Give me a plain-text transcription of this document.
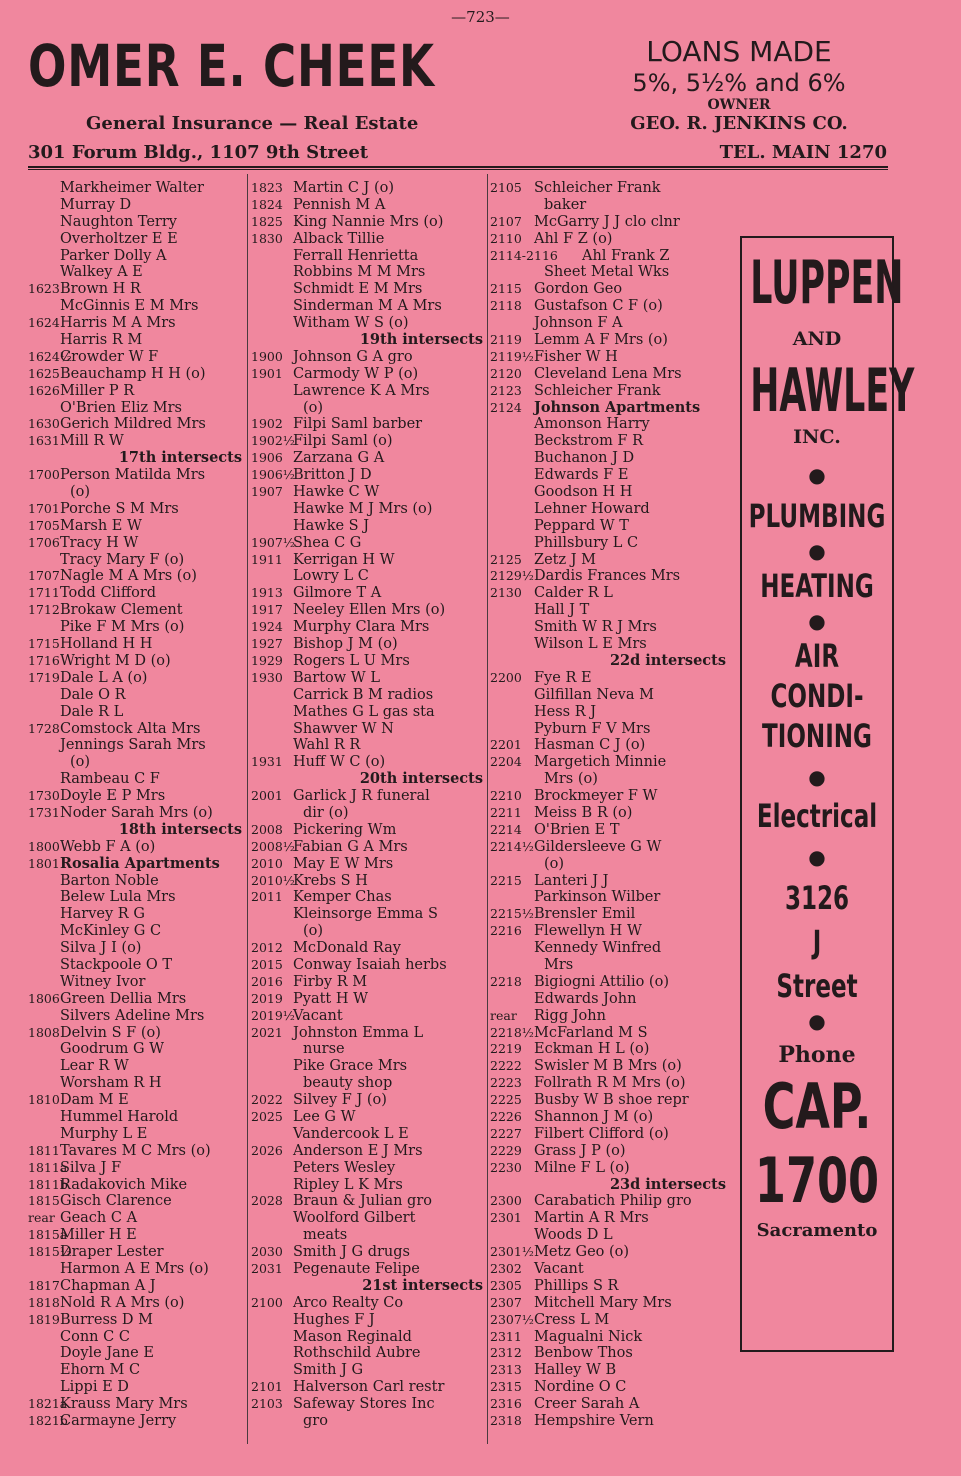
—723—
OMER E. CHEEK
General Insurance — Real Estate
301 Forum Bldg., 1107 9th Street
LOANS MADE
5%, 5½% and 6%
OWNER
GEO. R. JENKINS CO.
TEL. MAIN 1270
Markheimer Walter
Murray D
Naughton Terry
Overholtzer E E
Parker Dolly A
Walkey A E
1623 Brown H R
McGinnis E M Mrs
1624 Harris M A Mrs
Harris R M
1624½
Crowder W F
1625 Beauchamp H H (o)
1626 Miller P R
O'Brien Eliz Mrs
1630 Gerich Mildred Mrs
1631 Mill R W
17th intersects
1700 Person Matilda Mrs
(o)
1701 Porche S M Mrs
1705 Marsh E W
1706 Tracy H W
Tracy Mary F (o)
1707 Nagle M A Mrs (o)
1711 Todd Clifford
1712 Brokaw Clement
Pike F M Mrs (o)
1715 Holland H H
1716 Wright M D (o)
1719 Dale L A (o)
Dale O R
Dale R L
1728 Comstock Alta Mrs
Jennings Sarah Mrs
(o)
Rambeau C F
1730 Doyle E P Mrs
1731 Noder Sarah Mrs (o)
18th intersects
1800 Webb F A (o)
1801 Rosalia Apartments
Barton Noble
Belew Lula Mrs
Harvey R G
McKinley G C
Silva J I (o)
Stackpoole O T
Witney Ivor
1806 Green Dellia Mrs
Silvers Adeline Mrs
1808 Delvin S F (o)
Goodrum G W
Lear R W
Worsham R H
1810 Dam M E
Hummel Harold
Murphy L E
1811 Tavares M C Mrs (o)
1811a
Silva J F
1811b
Radakovich Mike
1815 Gisch Clarence
rear Geach C A
1815a
Miller H E
1815½
Draper Lester
Harmon A E Mrs (o)
1817 Chapman A J
1818 Nold R A Mrs (o)
1819 Burress D M
Conn C C
Doyle Jane E
Ehorn M C
Lippi E D
1821a
Krauss Mary Mrs
1821b
Carmayne Jerry
1823 Martin C J (o)
1824 Pennish M A
1825 King Nannie Mrs (o)
1830 Alback Tillie
Ferrall Henrietta
Robbins M M Mrs
Schmidt E M Mrs
Sinderman M A Mrs
Witham W S (o)
19th intersects
1900 Johnson G A gro
1901 Carmody W P (o)
Lawrence K A Mrs
(o)
1902 Filpi Saml barber
1902½
Filpi Saml (o)
1906 Zarzana G A
1906½
Britton J D
1907 Hawke C W
Hawke M J Mrs (o)
Hawke S J
1907½
Shea C G
1911 Kerrigan H W
Lowry L C
1913 Gilmore T A
1917 Neeley Ellen Mrs (o)
1924 Murphy Clara Mrs
1927 Bishop J M (o)
1929 Rogers L U Mrs
1930 Bartow W L
Carrick B M radios
Mathes G L gas sta
Shawver W N
Wahl R R
1931 Huff W C (o)
20th intersects
2001 Garlick J R funeral
dir (o)
2008 Pickering Wm
2008½
Fabian G A Mrs
2010 May E W Mrs
2010½
Krebs S H
2011 Kemper Chas
Kleinsorge Emma S
(o)
2012 McDonald Ray
2015 Conway Isaiah herbs
2016 Firby R M
2019 Pyatt H W
2019½
Vacant
2021 Johnston Emma L
nurse
Pike Grace Mrs
beauty shop
2022 Silvey F J (o)
2025 Lee G W
Vandercook L E
2026 Anderson E J Mrs
Peters Wesley
Ripley L K Mrs
2028 Braun & Julian gro
Woolford Gilbert
meats
2030 Smith J G drugs
2031 Pegenaute Felipe
21st intersects
2100 Arco Realty Co
Hughes F J
Mason Reginald
Rothschild Aubre
Smith J G
2101 Halverson Carl restr
2103 Safeway Stores Inc
gro
2105 Schleicher Frank
baker
2107 McGarry J J clo clnr
2110 Ahl F Z (o)
2114-2116 Ahl Frank Z
Sheet Metal Wks
2115 Gordon Geo
2118 Gustafson C F (o)
Johnson F A
2119 Lemm A F Mrs (o)
2119½ Fisher W H
2120 Cleveland Lena Mrs
2123 Schleicher Frank
2124 Johnson Apartments
Amonson Harry
Beckstrom F R
Buchanon J D
Edwards F E
Goodson H H
Lehner Howard
Peppard W T
Phillsbury L C
2125 Zetz J M
2129½ Dardis Frances Mrs
2130 Calder R L
Hall J T
Smith W R J Mrs
Wilson L E Mrs
22d intersects
2200 Fye R E
Gilfillan Neva M
Hess R J
Pyburn F V Mrs
2201 Hasman C J (o)
2204 Margetich Minnie
Mrs (o)
2210 Brockmeyer F W
2211 Meiss B R (o)
2214 O'Brien E T
2214½ Gildersleeve G W
(o)
2215 Lanteri J J
Parkinson Wilber
2215½ Brensler Emil
2216 Flewellyn H W
Kennedy Winfred
Mrs
2218 Bigiogni Attilio (o)
Edwards John
rear Rigg John
2218½ McFarland M S
2219 Eckman H L (o)
2222 Swisler M B Mrs (o)
2223 Follrath R M Mrs (o)
2225 Busby W B shoe repr
2226 Shannon J M (o)
2227 Filbert Clifford (o)
2229 Grass J P (o)
2230 Milne F L (o)
23d intersects
2300 Carabatich Philip gro
2301 Martin A R Mrs
Woods D L
2301½ Metz Geo (o)
2302 Vacant
2305 Phillips S R
2307 Mitchell Mary Mrs
2307½ Cress L M
2311 Magualni Nick
2312 Benbow Thos
2313 Halley W B
2315 Nordine O C
2316 Creer Sarah A
2318 Hempshire Vern
LUPPEN
AND
HAWLEY
INC.
●
PLUMBING
●
HEATING
●
AIR
CONDI-
TIONING
●
Electrical
●
3126
J
Street
●
Phone
CAP.
1700
Sacramento
